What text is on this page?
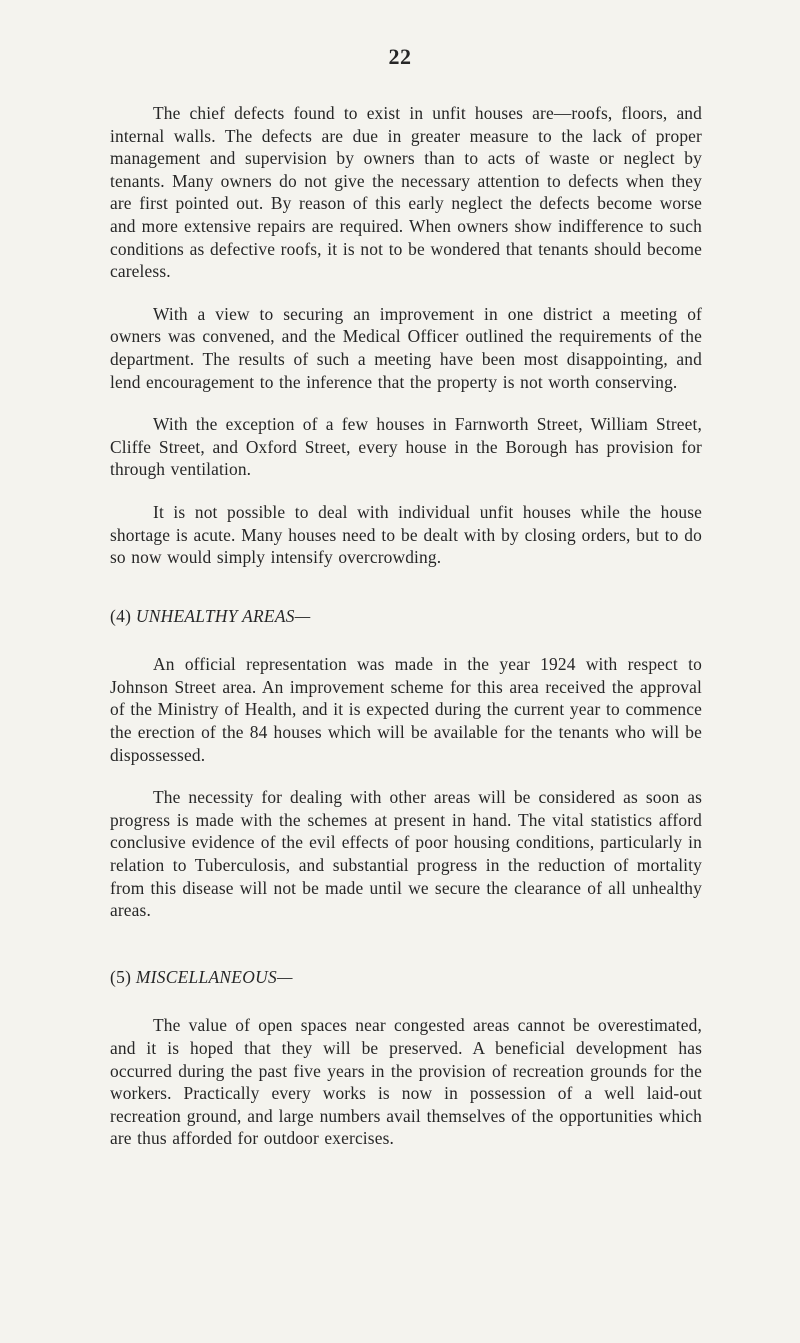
22

The chief defects found to exist in unfit houses are—roofs, floors, and internal walls. The defects are due in greater measure to the lack of proper management and supervision by owners than to acts of waste or neglect by tenants. Many owners do not give the necessary attention to defects when they are first pointed out. By reason of this early neglect the defects become worse and more extensive repairs are required. When owners show indifference to such conditions as defective roofs, it is not to be wondered that tenants should become careless.

With a view to securing an improvement in one district a meeting of owners was convened, and the Medical Officer outlined the requirements of the department. The results of such a meeting have been most disappointing, and lend encouragement to the inference that the property is not worth conserving.

With the exception of a few houses in Farnworth Street, William Street, Cliffe Street, and Oxford Street, every house in the Borough has provision for through ventilation.

It is not possible to deal with individual unfit houses while the house shortage is acute. Many houses need to be dealt with by closing orders, but to do so now would simply intensify overcrowding.

(4) UNHEALTHY AREAS—

An official representation was made in the year 1924 with respect to Johnson Street area. An improvement scheme for this area received the approval of the Ministry of Health, and it is expected during the current year to commence the erection of the 84 houses which will be available for the tenants who will be dispossessed.

The necessity for dealing with other areas will be considered as soon as progress is made with the schemes at present in hand. The vital statistics afford conclusive evidence of the evil effects of poor housing conditions, particularly in relation to Tuberculosis, and substantial progress in the reduction of mortality from this disease will not be made until we secure the clearance of all unhealthy areas.

(5) MISCELLANEOUS—

The value of open spaces near congested areas cannot be overestimated, and it is hoped that they will be preserved. A beneficial development has occurred during the past five years in the provision of recreation grounds for the workers. Practically every works is now in possession of a well laid-out recreation ground, and large numbers avail themselves of the opportunities which are thus afforded for outdoor exercises.
